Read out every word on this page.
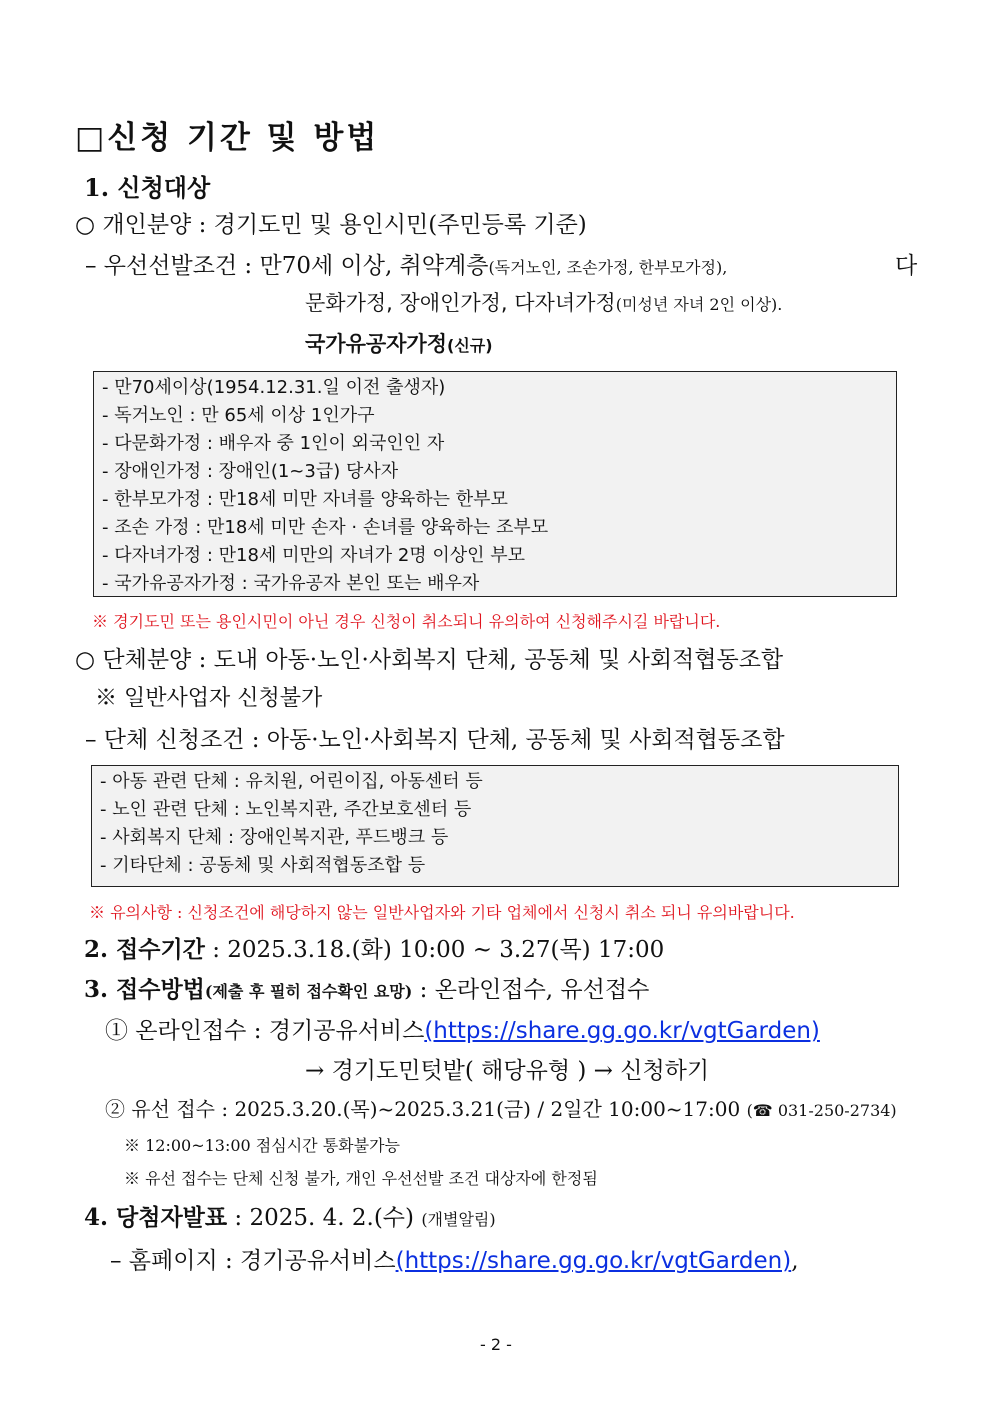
□신청 기간 및 방법
1. 신청대상
○ 개인분양 : 경기도민 및 용인시민(주민등록 기준)
– 우선선발조건 : 만70세 이상, 취약계층(독거노인, 조손가정, 한부모가정),	다
문화가정, 장애인가정, 다자녀가정(미성년 자녀 2인 이상).
국가유공자가정(신규)
- 만70세이상(1954.12.31.일 이전 출생자)
- 독거노인 : 만 65세 이상 1인가구
- 다문화가정 : 배우자 중 1인이 외국인인 자
- 장애인가정 : 장애인(1~3급) 당사자
- 한부모가정 : 만18세 미만 자녀를 양육하는 한부모
- 조손 가정 : 만18세 미만 손자 · 손녀를 양육하는 조부모
- 다자녀가정 : 만18세 미만의 자녀가 2명 이상인 부모
- 국가유공자가정 : 국가유공자 본인 또는 배우자
※ 경기도민 또는 용인시민이 아닌 경우 신청이 취소되니 유의하여 신청해주시길 바랍니다.
○ 단체분양 : 도내 아동·노인·사회복지 단체, 공동체 및 사회적협동조합
※ 일반사업자 신청불가
– 단체 신청조건 : 아동·노인·사회복지 단체, 공동체 및 사회적협동조합
- 아동 관련 단체 : 유치원, 어린이집, 아동센터 등
- 노인 관련 단체 : 노인복지관, 주간보호센터 등
- 사회복지 단체 : 장애인복지관, 푸드뱅크 등
- 기타단체 : 공동체 및 사회적협동조합 등
※ 유의사항 : 신청조건에 해당하지 않는 일반사업자와 기타 업체에서 신청시 취소 되니 유의바랍니다.
2. 접수기간 : 2025.3.18.(화) 10:00 ~ 3.27(목) 17:00
3. 접수방법(제출 후 필히 접수확인 요망) : 온라인접수, 유선접수
① 온라인접수 : 경기공유서비스(https://share.gg.go.kr/vgtGarden)
→ 경기도민텃밭( 해당유형 ) → 신청하기
② 유선 접수 : 2025.3.20.(목)~2025.3.21(금) / 2일간 10:00~17:00 (☎ 031-250-2734)
※ 12:00~13:00 점심시간 통화불가능
※ 유선 접수는 단체 신청 불가, 개인 우선선발 조건 대상자에 한정됨
4. 당첨자발표 : 2025. 4. 2.(수) (개별알림)
– 홈페이지 : 경기공유서비스(https://share.gg.go.kr/vgtGarden),
- 2 -
